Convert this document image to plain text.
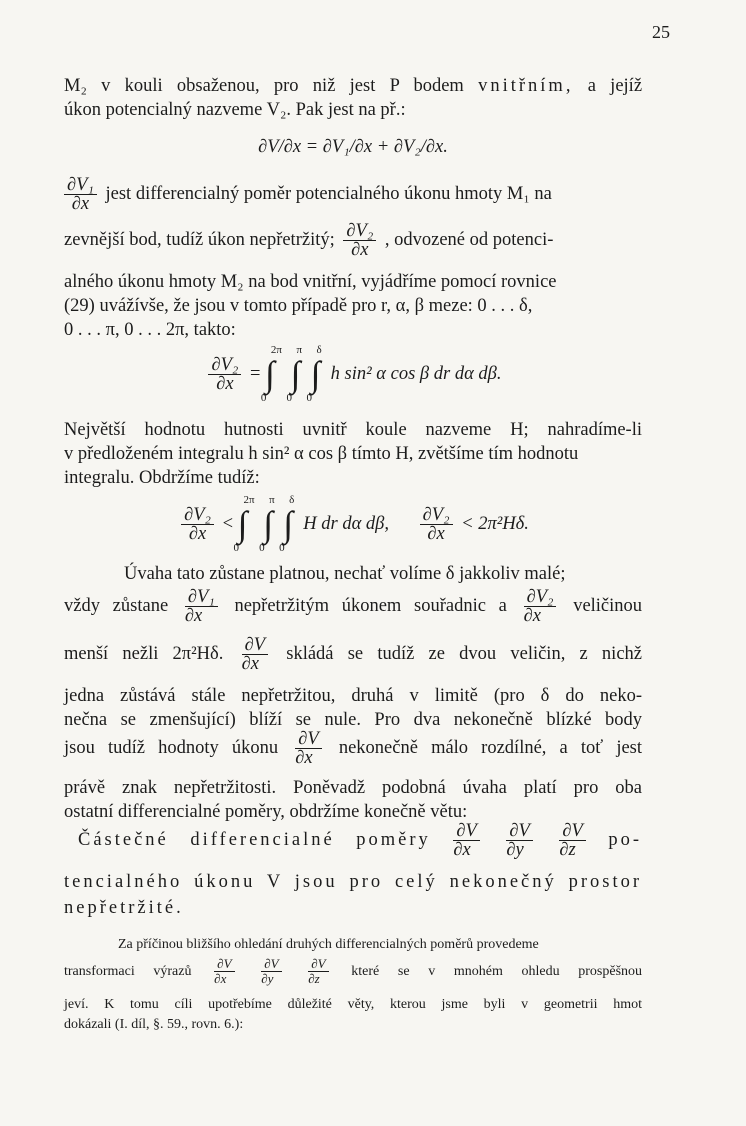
25
M₂ v kouli obsaženou, pro niž jest P bodem vnitřním, a jejíž
úkon potencialný nazveme V₂. Pak jest na př.:
∂V/∂x = ∂V₁/∂x + ∂V₂/∂x.
$\frac{\text{∂V₁}}{\partial x}$ jest differencialný poměr potencialného úkonu hmoty M₁ na
zevnější bod, tudíž úkon nepřetržitý; $\frac{\text{∂V₂}}{\partial x}$ , odvozené od potenci-
alného úkonu hmoty M₂ na bod vnitřní, vyjádříme pomocí rovnice
(29) uvážívše, že jsou v tomto případě pro r, α, β meze: 0 . . . δ,
0 . . . π, 0 . . . 2π, takto:
$\frac{\text{∂V₂}}{\partial x}$ = ∫
2π
0
∫
π
0
∫
δ
0
h sin² α cos β dr dα dβ.
Největší hodnotu hutnosti uvnitř koule nazveme H; nahradíme-li
v předloženém integralu h sin² α cos β tímto H, zvětšíme tím hodnotu
integralu. Obdržíme tudíž:
$\frac{\text{∂V₂}}{\partial x}$ < ∫
2π
0
∫
π
0
∫
δ
0
H dr dα dβ, $\frac{\text{∂V₂}}{\partial x} < 2\pi^2H\delta$.
Úvaha tato zůstane platnou, nechať volíme δ jakkoliv malé;
vždy zůstane $\frac{\text{∂V₁}}{\partial x}$ nepřetržitým úkonem souřadnic a $\frac{\text{∂V₂}}{\partial x}$ veličinou
menší nežli 2π²Hδ. $\frac{\partial V}{\partial x}$ skládá se tudíž ze dvou veličin, z nichž
jedna zůstává stále nepřetržitou, druhá v limitě (pro δ do neko-
nečna se zmenšující) blíží se nule. Pro dva nekonečně blízké body
jsou tudíž hodnoty úkonu $\frac{\partial V}{\partial x}$ nekonečně málo rozdílné, a toť jest
právě znak nepřetržitosti. Poněvadž podobná úvaha platí pro oba
ostatní differencialné poměry, obdržíme konečně větu:
Částečné differencialné poměry $\frac{\partial V}{\partial x}$
$\frac{\partial V}{\partial y}$
$\frac{\partial V}{\partial z} po-$
tencialného úkonu V jsou pro celý nekonečný prostor
nepřetržité.
Za příčinou bližšího ohledání druhých differencialných poměrů provedeme
transformaci výrazů $\frac{\partial V}{\partial x}$
$\frac{\partial V}{\partial y}$
$\frac{\partial V}{\partial z}$ které se v mnohém ohledu prospěšnou
jeví. K tomu cíli upotřebíme důležité věty, kterou jsme byli v geometrii hmot
dokázali (I. díl, §. 59., rovn. 6.):
